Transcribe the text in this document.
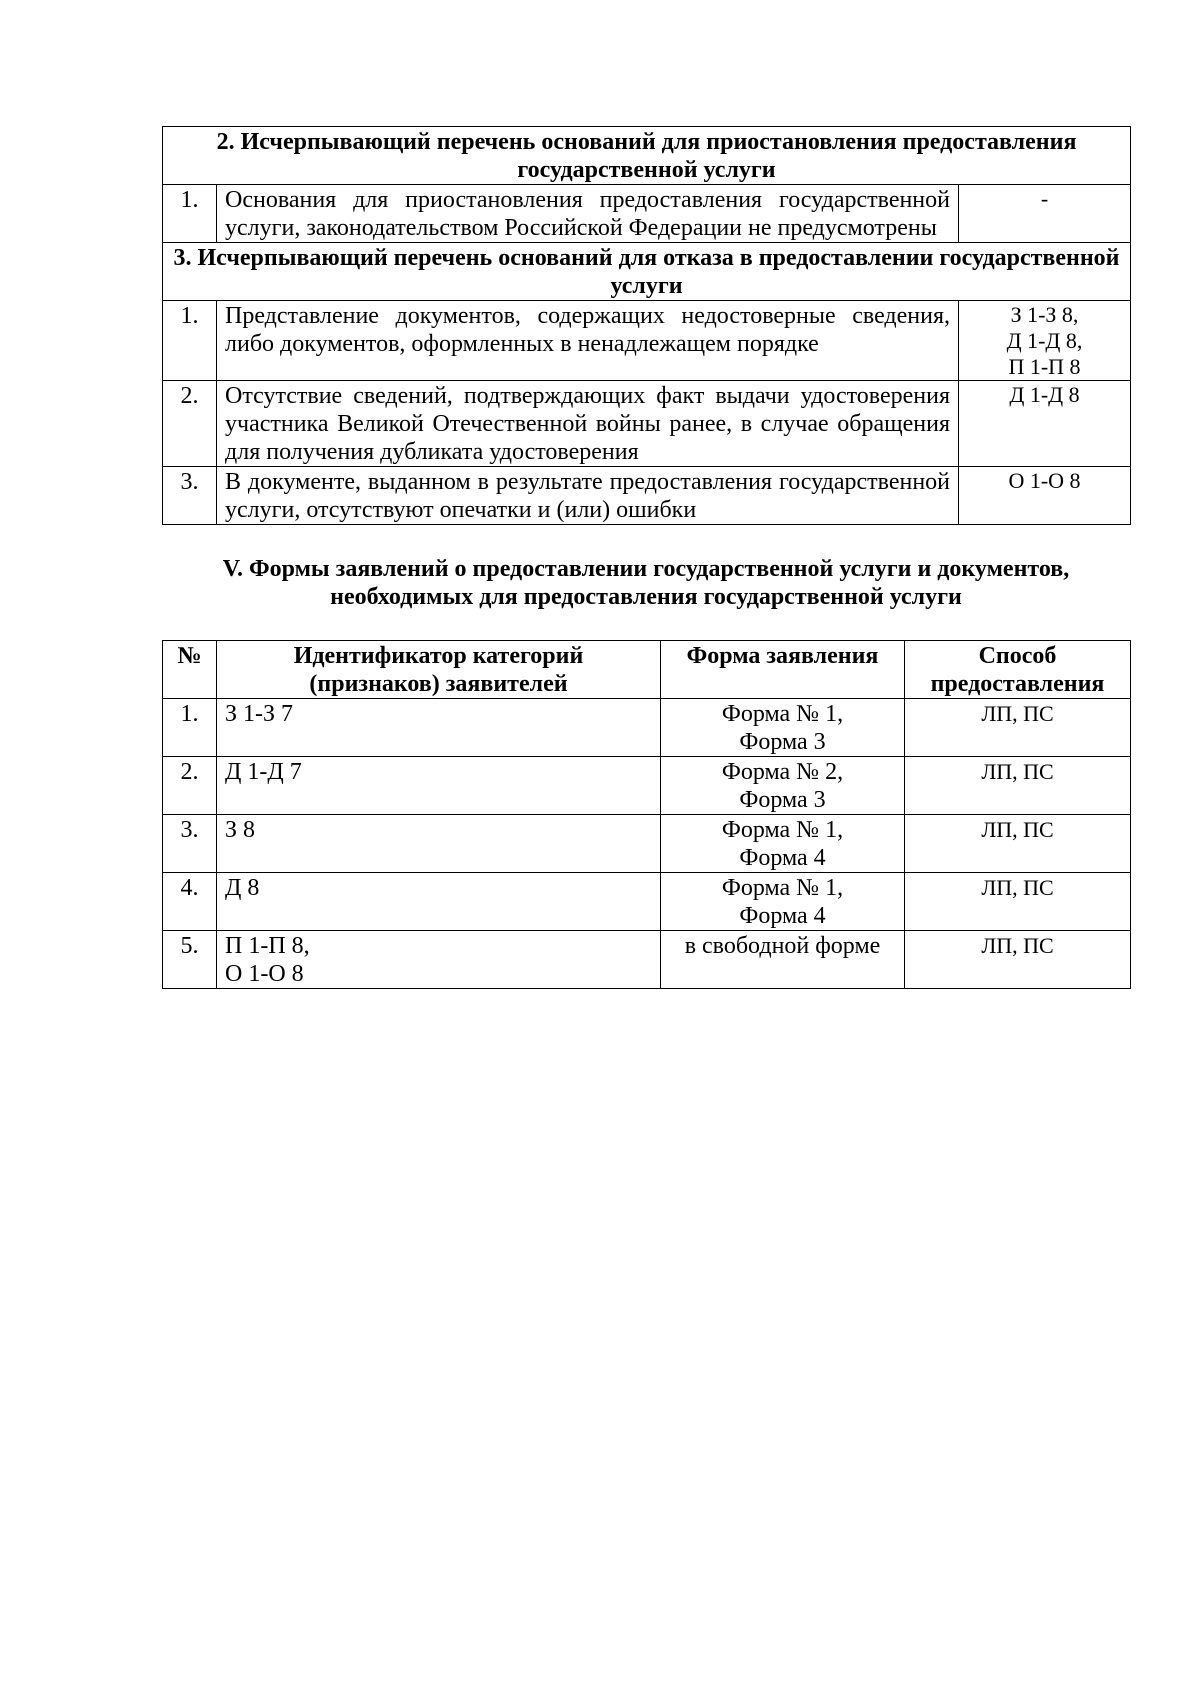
2. Исчерпывающий перечень оснований для приостановления предоставления государственной услуги		
1.	Основания для приостановления предоставления государственной услуги, законодательством Российской Федерации не предусмотрены	-

3. Исчерпывающий перечень оснований для отказа в предоставлении государственной услуги		
1.	Представление документов, содержащих недостоверные сведения, либо документов, оформленных в ненадлежащем порядке	З 1-З 8,
Д 1-Д 8,
П 1-П 8

2.	Отсутствие сведений, подтверждающих факт выдачи удостоверения участника Великой Отечественной войны ранее, в случае обращения для получения дубликата удостоверения	Д 1-Д 8

3.	В документе, выданном в результате предоставления государственной услуги, отсутствуют опечатки и (или) ошибки	О 1-О 8
V. Формы заявлений о предоставлении государственной услуги и документов,
необходимых для предоставления государственной услуги
№	Идентификатор категорий
(признаков) заявителей	Форма заявления	Способ
предоставления

1.	З 1-З 7	Форма № 1,
Форма 3	ЛП, ПС
2.	Д 1-Д 7	Форма № 2,
Форма 3	ЛП, ПС
3.	З 8	Форма № 1,
Форма 4	ЛП, ПС
4.	Д 8	Форма № 1,
Форма 4	ЛП, ПС
5.	П 1-П 8,
О 1-О 8	в свободной форме	ЛП, ПС
